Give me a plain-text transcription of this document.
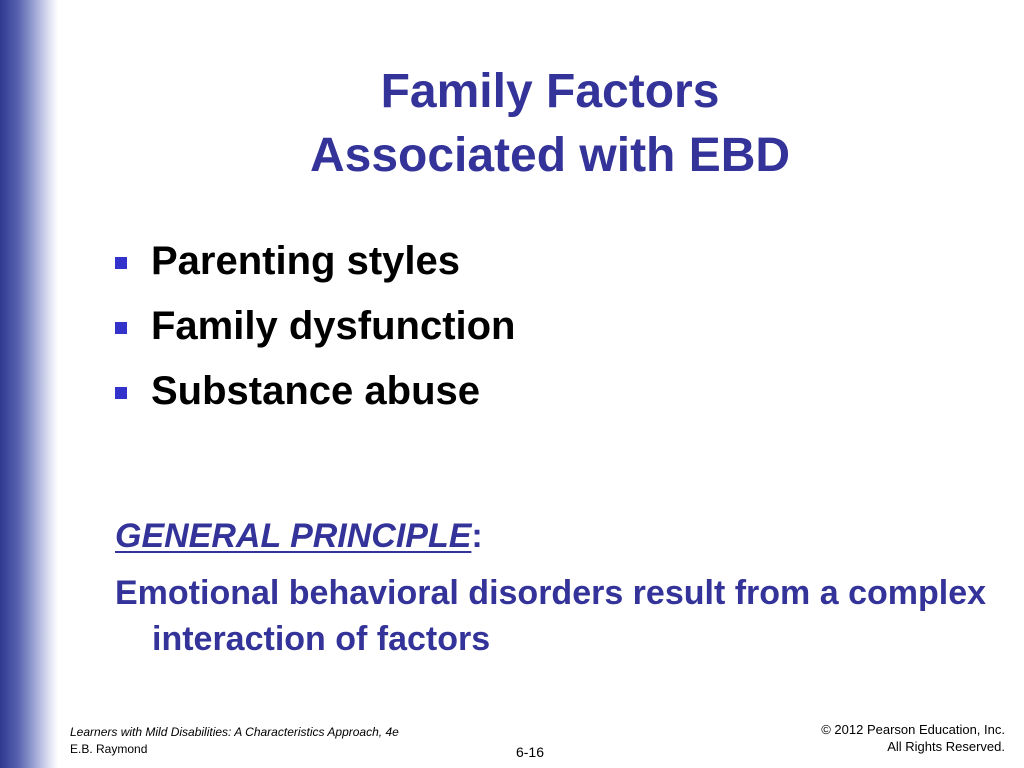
Family Factors
Associated with EBD
Parenting styles
Family dysfunction
Substance abuse
GENERAL PRINCIPLE:
Emotional behavioral disorders result from a complex interaction of factors
Learners with Mild Disabilities: A Characteristics Approach, 4e
E.B. Raymond	6-16
© 2012 Pearson Education, Inc.
All Rights Reserved.
